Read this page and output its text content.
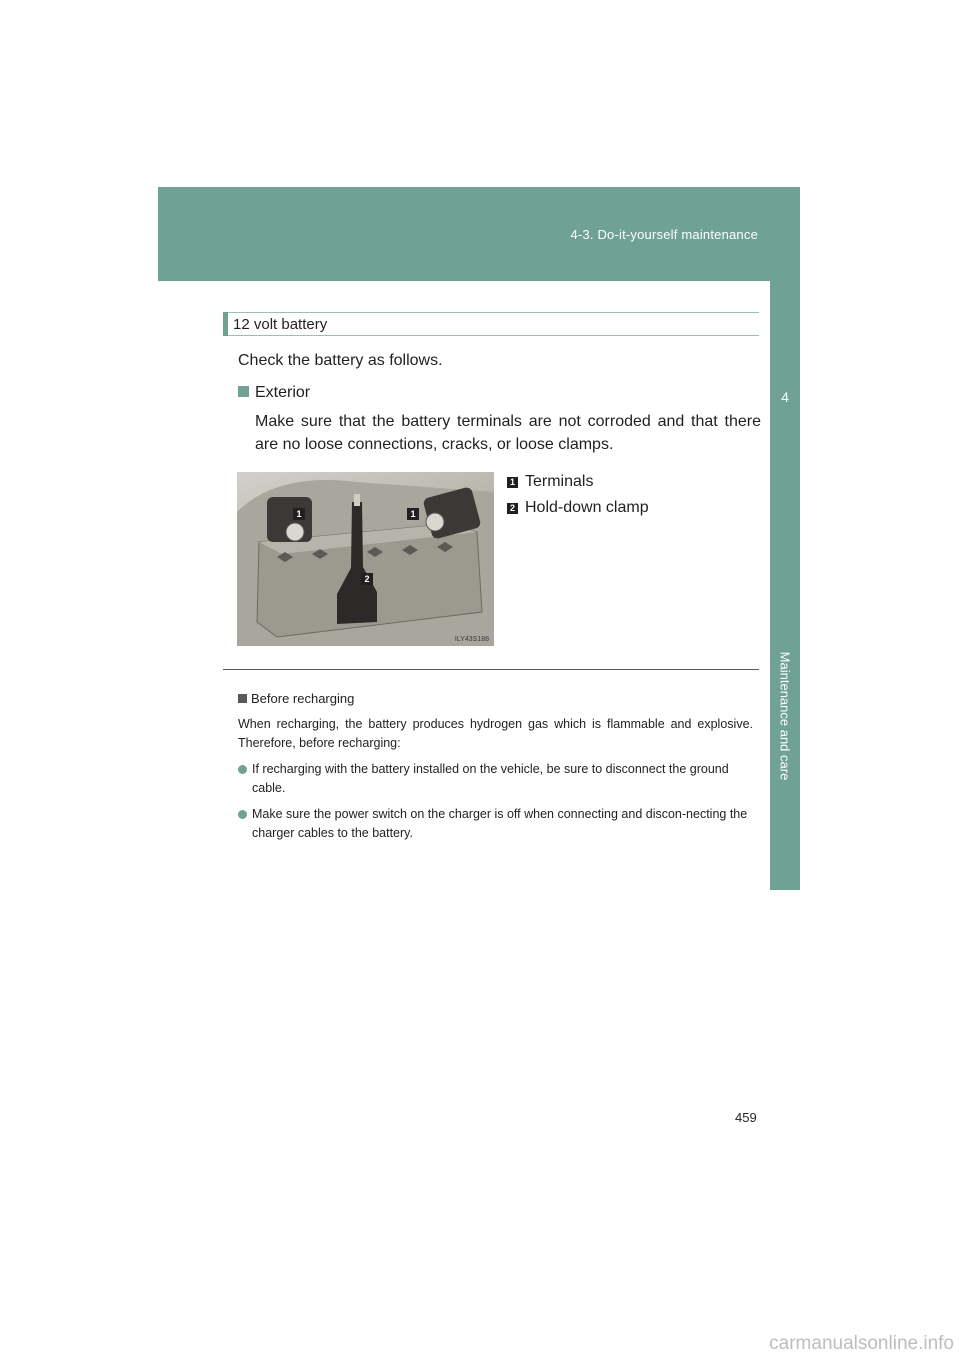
4-3. Do-it-yourself maintenance
4
Maintenance and care
12 volt battery
Check the battery as follows.
Exterior
Make sure that the battery terminals are not corroded and that there are no loose connections, cracks, or loose clamps.
1	1
2
ILY43S188
1 Terminals
2 Hold-down clamp
Before recharging
When recharging, the battery produces hydrogen gas which is flammable and explosive. Therefore, before recharging:
If recharging with the battery installed on the vehicle, be sure to disconnect the ground cable.
Make sure the power switch on the charger is off when connecting and discon-necting the charger cables to the battery.
459
carmanualsonline.info
